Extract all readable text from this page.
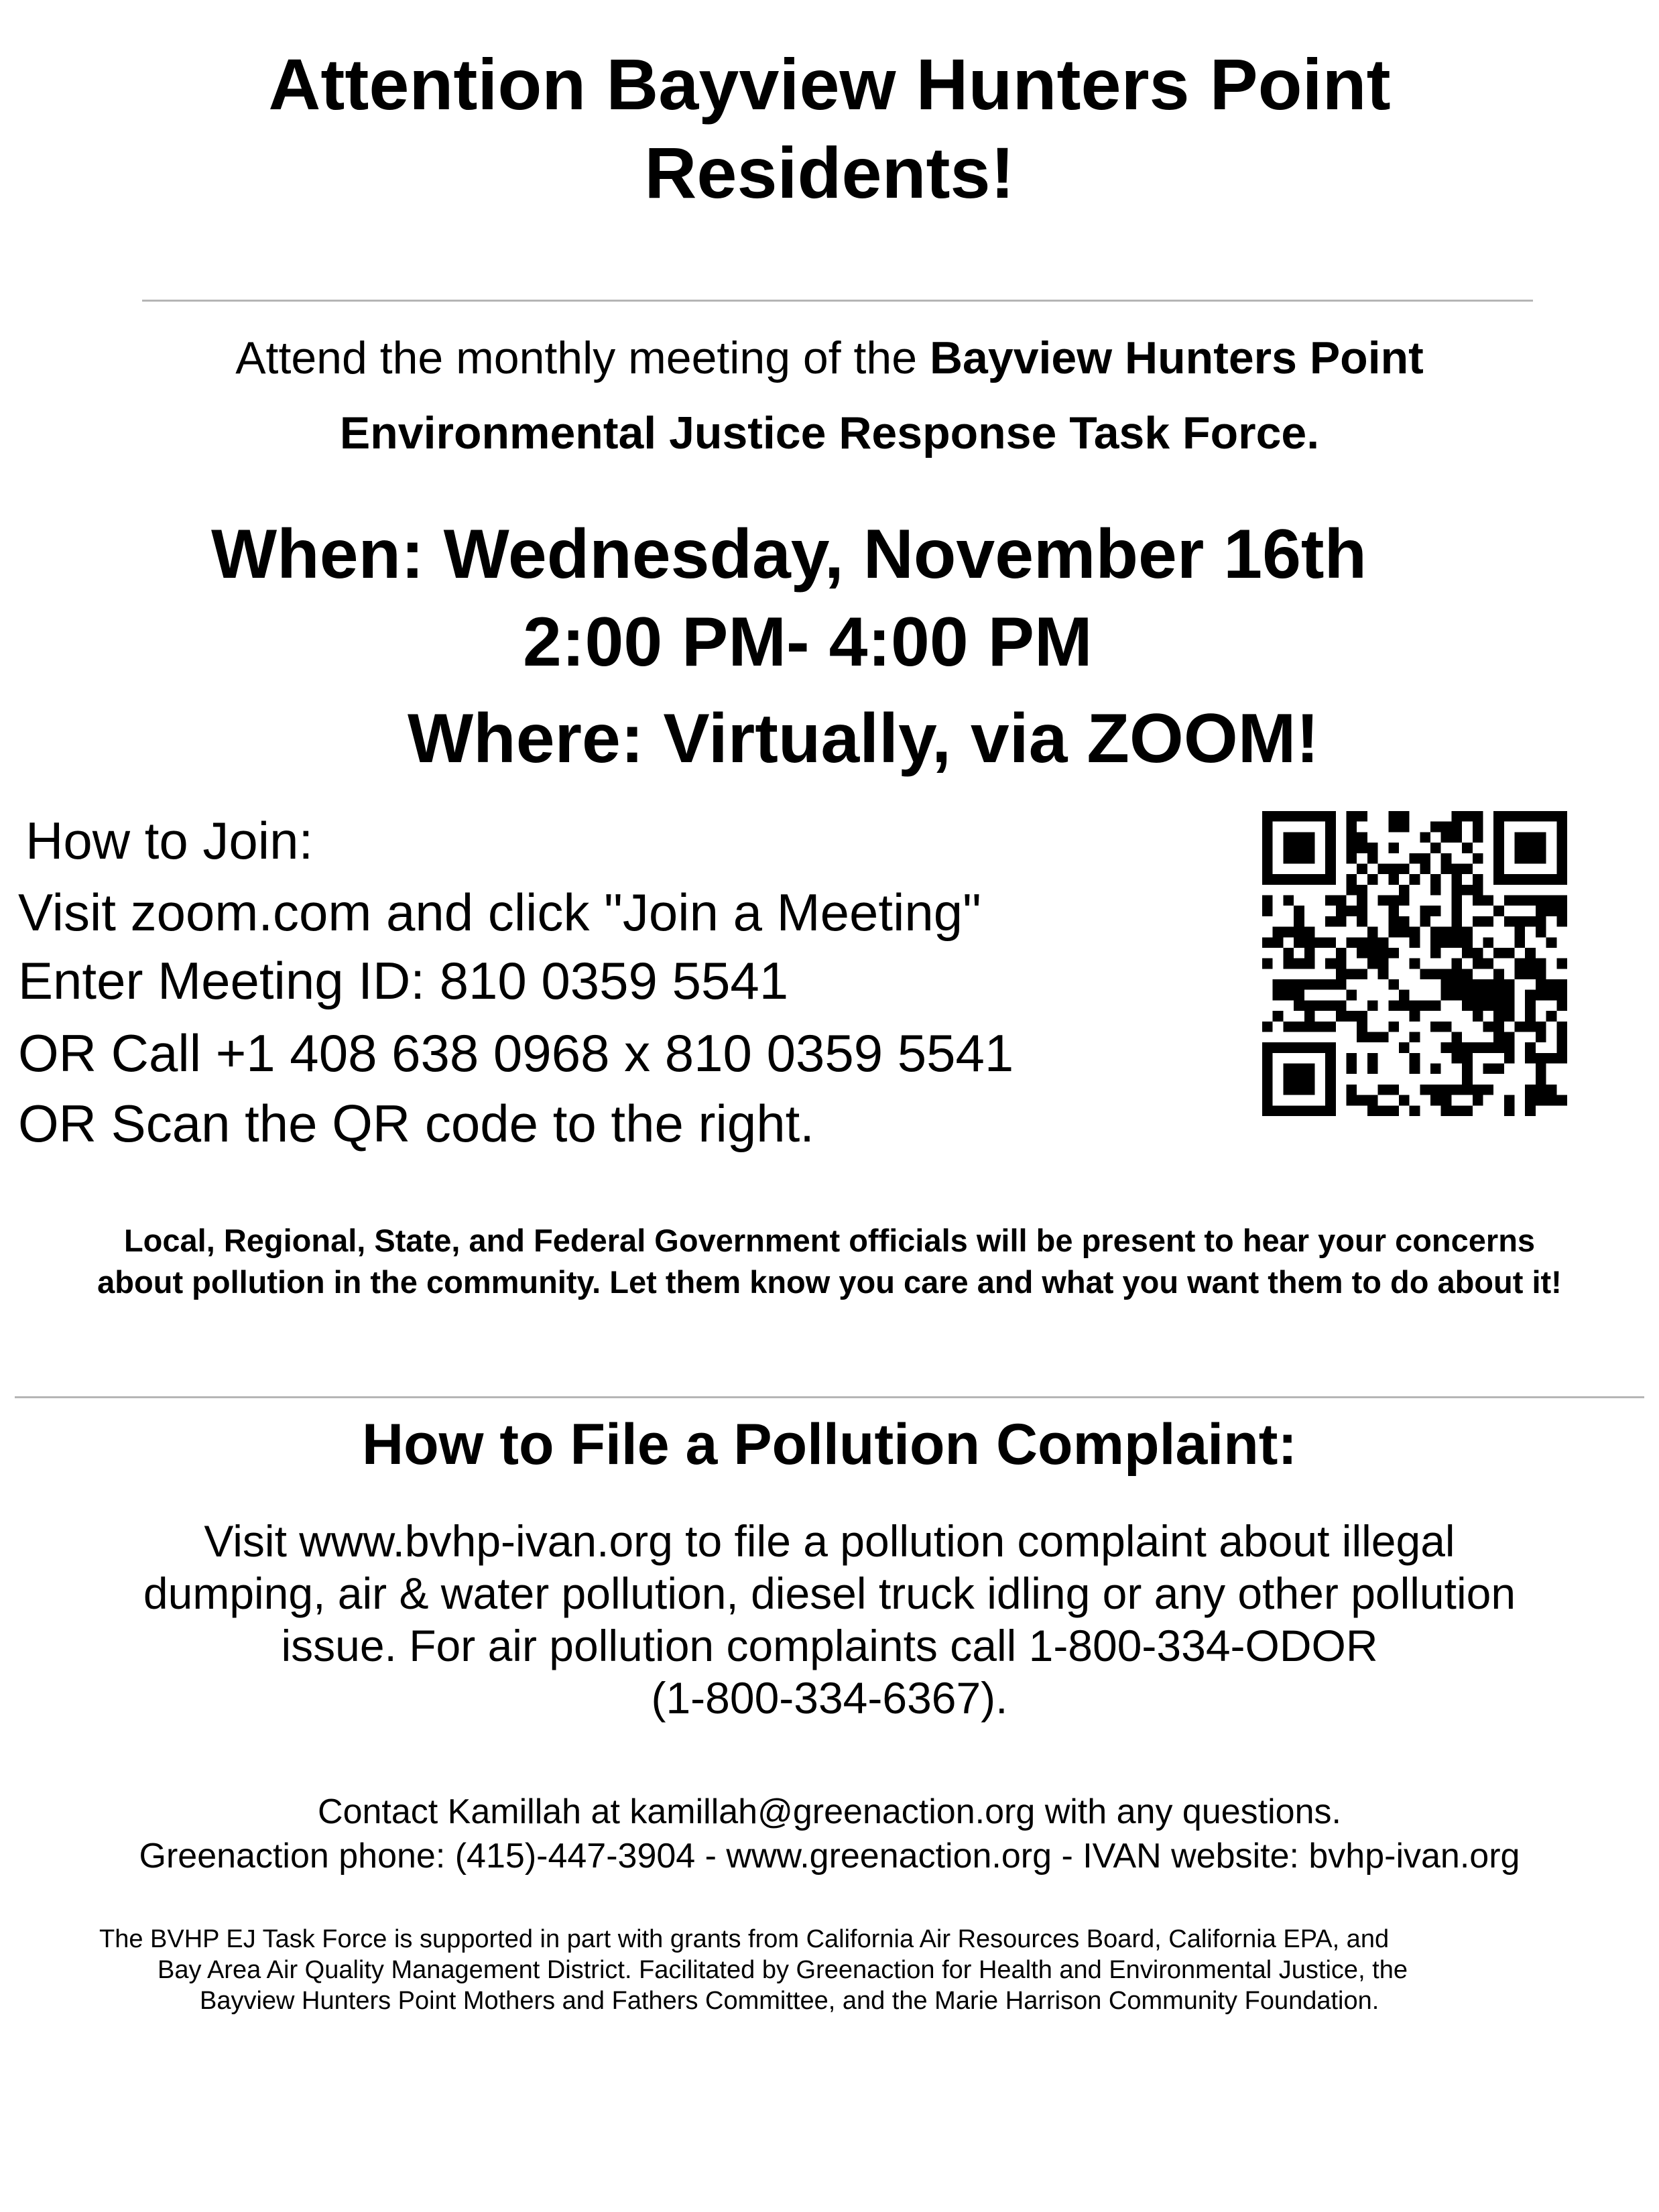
Attention Bayview Hunters Point
Residents!
Attend the monthly meeting of the Bayview Hunters Point
Environmental Justice Response Task Force.
When: Wednesday, November 16th
2:00 PM- 4:00 PM
Where: Virtually, via ZOOM!
How to Join:
Visit zoom.com and click "Join a Meeting"
Enter Meeting ID: 810 0359 5541
OR Call +1 408 638 0968 x 810 0359 5541
OR Scan the QR code to the right.
Local, Regional, State, and Federal Government officials will be present to hear your concerns
about pollution in the community. Let them know you care and what you want them to do about it!
How to File a Pollution Complaint:
Visit www.bvhp-ivan.org to file a pollution complaint about illegal
dumping, air & water pollution, diesel truck idling or any other pollution
issue. For air pollution complaints call 1-800-334-ODOR
(1-800-334-6367).
Contact Kamillah at kamillah@greenaction.org with any questions.
Greenaction phone: (415)-447-3904 - www.greenaction.org - IVAN website: bvhp-ivan.org
The BVHP EJ Task Force is supported in part with grants from California Air Resources Board, California EPA, and
Bay Area Air Quality Management District. Facilitated by Greenaction for Health and Environmental Justice, the
Bayview Hunters Point Mothers and Fathers Committee, and the Marie Harrison Community Foundation.
